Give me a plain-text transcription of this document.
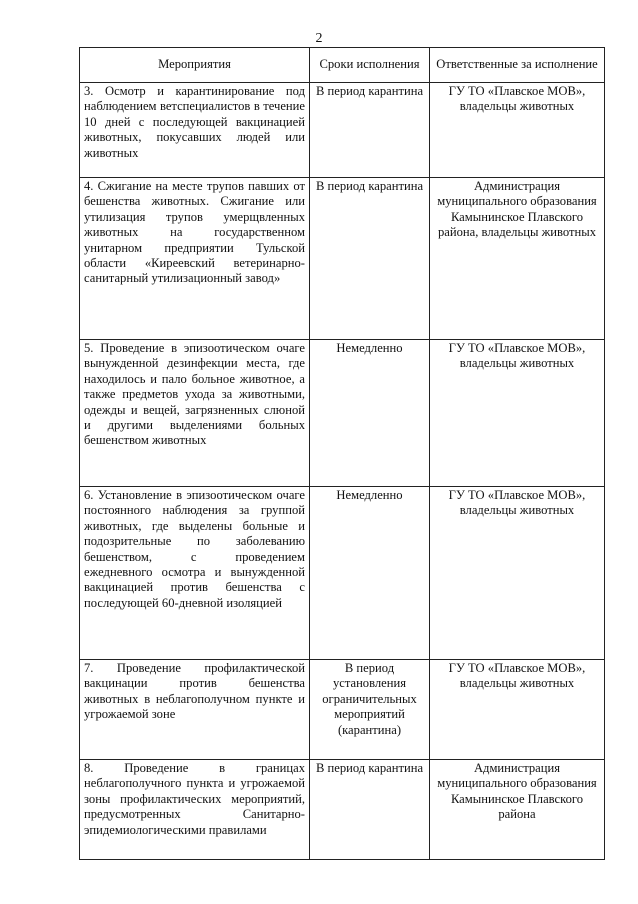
2
Мероприятия	Сроки исполнения	Ответственные за исполнение
3. Осмотр и карантинирование под наблюдением ветспециалистов в течение 10 дней с последующей вакцинацией животных, покусавших людей или животных	В период карантина	ГУ ТО «Плавское МОВ», владельцы животных
4. Сжигание на месте трупов павших от бешенства животных. Сжигание или утилизация трупов умерщвленных животных на государственном унитарном предприятии Тульской области «Киреевский ветеринарно-санитарный утилизационный завод»	В период карантина	Администрация муниципального образования Камынинское Плавского района, владельцы животных
5. Проведение в эпизоотическом очаге вынужденной дезинфекции места, где находилось и пало больное животное, а также предметов ухода за животными, одежды и вещей, загрязненных слюной и другими выделениями больных бешенством животных	Немедленно	ГУ ТО «Плавское МОВ», владельцы животных
6. Установление в эпизоотическом очаге постоянного наблюдения за группой животных, где выделены больные и подозрительные по заболеванию бешенством, с проведением ежедневного осмотра и вынужденной вакцинацией против бешенства с последующей 60-дневной изоляцией	Немедленно	ГУ ТО «Плавское МОВ», владельцы животных
7. Проведение профилактической вакцинации против бешенства животных в неблагополучном пункте и угрожаемой зоне	В период установления ограничительных мероприятий (карантина)	ГУ ТО «Плавское МОВ», владельцы животных
8. Проведение в границах неблагополучного пункта и угрожаемой зоны профилактических мероприятий, предусмотренных Санитарно-эпидемиологическими правилами	В период карантина	Администрация муниципального образования Камынинское Плавского района
